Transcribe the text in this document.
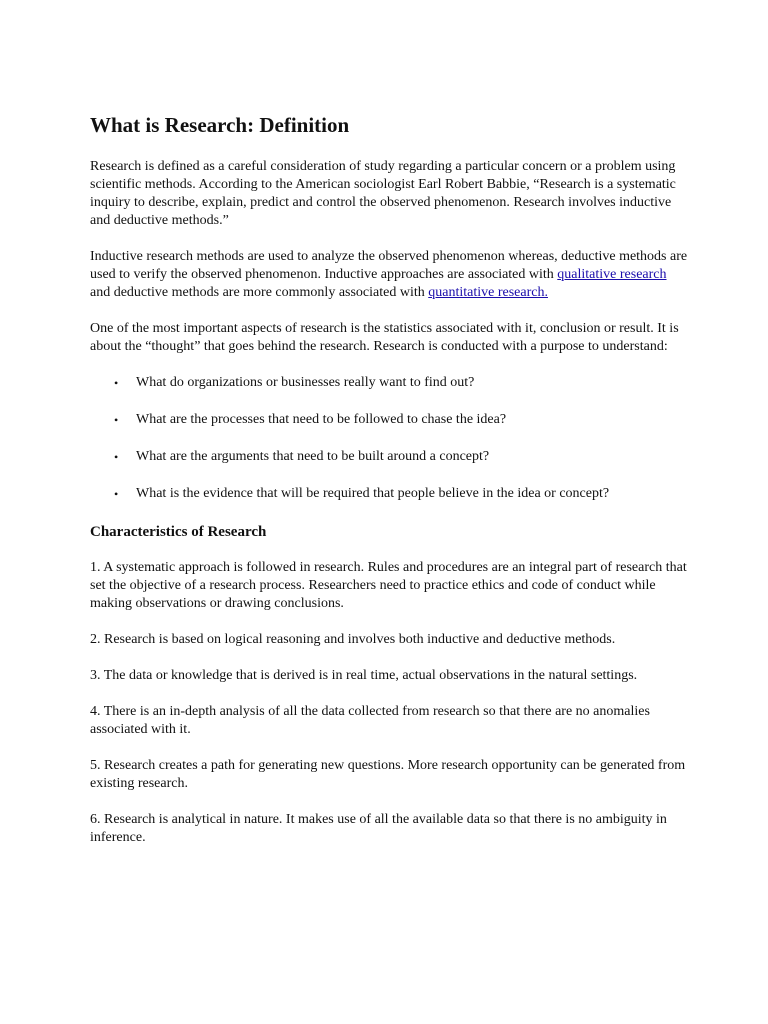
What is Research: Definition

Research is defined as a careful consideration of study regarding a particular concern or a problem using scientific methods. According to the American sociologist Earl Robert Babbie, “Research is a systematic inquiry to describe, explain, predict and control the observed phenomenon. Research involves inductive and deductive methods.”

Inductive research methods are used to analyze the observed phenomenon whereas, deductive methods are used to verify the observed phenomenon. Inductive approaches are associated with qualitative research and deductive methods are more commonly associated with quantitative research.

One of the most important aspects of research is the statistics associated with it, conclusion or result. It is about the “thought” that goes behind the research. Research is conducted with a purpose to understand:

• What do organizations or businesses really want to find out?
• What are the processes that need to be followed to chase the idea?
• What are the arguments that need to be built around a concept?
• What is the evidence that will be required that people believe in the idea or concept?
Characteristics of Research

1. A systematic approach is followed in research. Rules and procedures are an integral part of research that set the objective of a research process. Researchers need to practice ethics and code of conduct while making observations or drawing conclusions.

2. Research is based on logical reasoning and involves both inductive and deductive methods.

3. The data or knowledge that is derived is in real time, actual observations in the natural settings.

4. There is an in-depth analysis of all the data collected from research so that there are no anomalies associated with it.

5. Research creates a path for generating new questions. More research opportunity can be generated from existing research.

6. Research is analytical in nature. It makes use of all the available data so that there is no ambiguity in inference.
